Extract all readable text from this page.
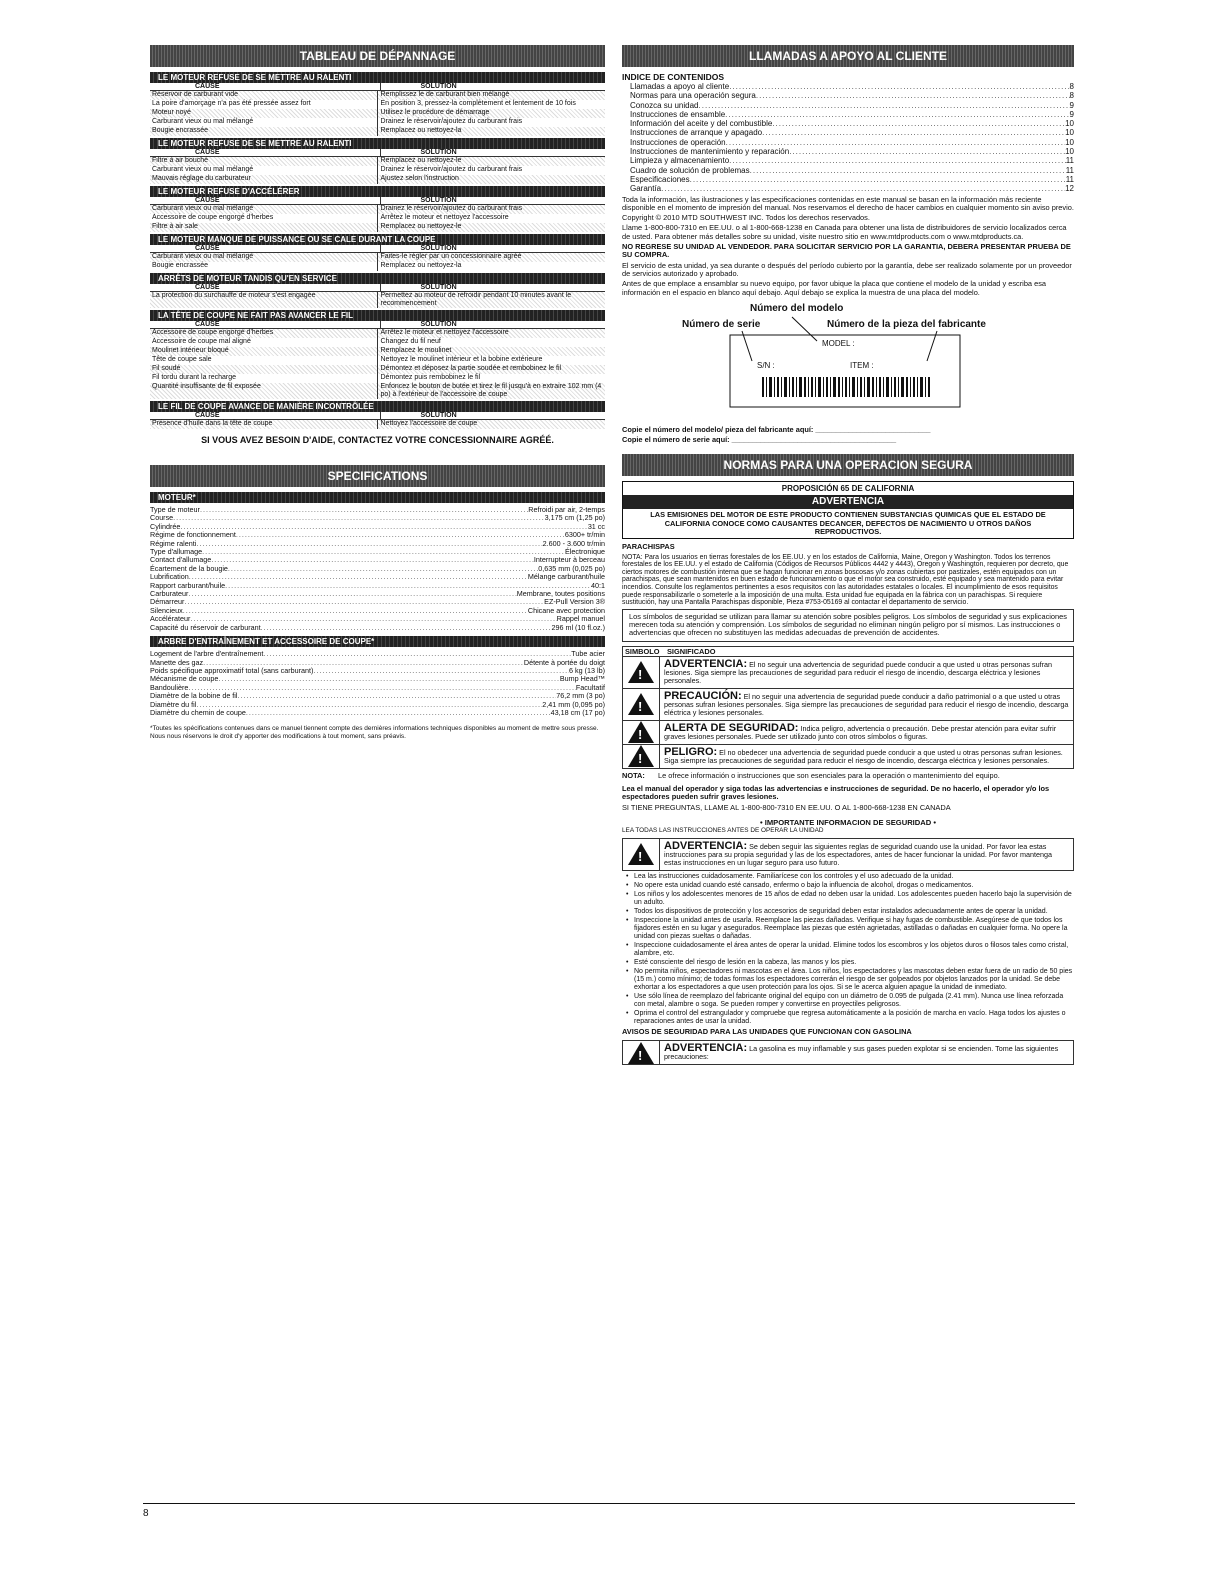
TABLEAU DE DÉPANNAGE
LE MOTEUR REFUSE DE SE METTRE AU RALENTI
CAUSE	SOLUTION
Réservoir de carburant vide	Remplissez le de carburant bien mélangé
La poire d'amorçage n'a pas été pressée assez fort	En position 3, pressez-la complètement et lentement de 10 fois
Moteur noyé	Utilisez le procédure de démarrage
Carburant vieux ou mal mélangé	Drainez le réservoir/ajoutez du carburant frais
Bougie encrassée	Remplacez ou nettoyez-la
LE MOTEUR REFUSE DE SE METTRE AU RALENTI
CAUSE	SOLUTION
Filtre à air bouché	Remplacez ou nettoyez-le
Carburant vieux ou mal mélangé	Drainez le réservoir/ajoutez du carburant frais
Mauvais réglage du carburateur	Ajustez selon l'instruction
LE MOTEUR REFUSE D'ACCÉLÉRER
CAUSE	SOLUTION
Carburant vieux ou mal mélangé	Drainez le réservoir/ajoutez du carburant frais
Accessoire de coupe engorgé d'herbes	Arrêtez le moteur et nettoyez l'accessoire
Filtre à air sale	Remplacez ou nettoyez-le
LE MOTEUR MANQUE DE PUISSANCE OU SE CALE DURANT LA COUPE
CAUSE	SOLUTION
Carburant vieux ou mal mélangé	Faites-le régler par un concessionnaire agréé
Bougie encrassée	Remplacez ou nettoyez-la
ARRÊTS DE MOTEUR TANDIS QU'EN SERVICE
CAUSE	SOLUTION
La protection du surchauffe de moteur s'est engagée	Permettez au moteur de refroidir pendant 10 minutes avant le recommencement
LA TÊTE DE COUPE NE FAIT PAS AVANCER LE FIL
CAUSE	SOLUTION
Accessoire de coupe engorgé d'herbes	Arrêtez le moteur et nettoyez l'accessoire
Accessoire de coupe mal aligné	Changez du fil neuf
Moulinet intérieur bloqué	Remplacez le moulinet
Tête de coupe sale	Nettoyez le moulinet intérieur et la bobine extérieure
Fil soudé	Démontez et déposez la partie soudée et rembobinez le fil
Fil tordu durant la recharge	Démontez puis rembobinez le fil
Quantité insuffisante de fil exposée	Enfoncez le bouton de butée et tirez le fil jusqu'à en extraire 102 mm (4 po) à l'extérieur de l'accessoire de coupe
LE FIL DE COUPE AVANCE DE MANIÈRE INCONTRÔLÉE
CAUSE	SOLUTION
Présence d'huile dans la tête de coupe	Nettoyez l'accessoire de coupe
SI VOUS AVEZ BESOIN D'AIDE, CONTACTEZ VOTRE CONCESSIONNAIRE AGRÉÉ.
SPECIFICATIONS
MOTEUR*
Type de moteur .....	Refroidi par air, 2-temps
Course .....	3,175 cm (1,25 po)
Cylindrée .....	31 cc
Régime de fonctionnement .....	6300+ tr/min
Régime ralenti .....	2.600 - 3.600 tr/min
Type d'allumage .....	Électronique
Contact d'allumage .....	Interrupteur à berceau
Écartement de la bougie .....	0,635 mm (0,025 po)
Lubrification .....	Mélange carburant/huile
Rapport carburant/huile .....	40:1
Carburateur .....	Membrane, toutes positions
Démarreur .....	EZ-Pull Version 3®
Silencieux .....	Chicane avec protection
Accélérateur .....	Rappel manuel
Capacité du réservoir de carburant .....	296 ml (10 fl.oz.)
ARBRE D'ENTRAÎNEMENT ET ACCESSOIRE DE COUPE*
Logement de l'arbre d'entraînement .....	Tube acier
Manette des gaz .....	Détente à portée du doigt
Poids spécifique approximatif total (sans carburant) .....	6 kg (13 lb)
Mécanisme de coupe .....	Bump Head™
Bandoulière .....	Facultatif
Diamètre de la bobine de fil .....	76,2 mm (3 po)
Diamètre du fil .....	2,41 mm (0,095 po)
Diamètre du chemin de coupe .....	43,18 cm (17 po)
*Toutes les spécifications contenues dans ce manuel tiennent compte des dernières informations techniques disponibles au moment de mettre sous presse. Nous nous réservons le droit d'y apporter des modifications à tout moment, sans préavis.
LLAMADAS A APOYO AL CLIENTE
INDICE DE CONTENIDOS
Llamadas a apoyo al cliente .....	8
Normas para una operación segura .....	8
Conozca su unidad .....	9
Instrucciones de ensamble .....	9
Información del aceite y del combustible .....	10
Instrucciones de arranque y apagado .....	10
Instrucciones de operación .....	10
Instrucciones de mantenimiento y reparación .....	10
Limpieza y almacenamiento .....	11
Cuadro de solución de problemas .....	11
Especificaciones .....	11
Garantía .....	12
Toda la información, las ilustraciones y las especificaciones contenidas en este manual se basan en la información más reciente disponible en el momento de impresión del manual. Nos reservamos el derecho de hacer cambios en cualquier momento sin aviso previo.
Copyright © 2010 MTD SOUTHWEST INC. Todos los derechos reservados.
Llame 1-800-800-7310 en EE.UU. o al 1-800-668-1238 en Canada para obtener una lista de distribuidores de servicio localizados cerca de usted. Para obtener más detalles sobre su unidad, visite nuestro sitio en www.mtdproducts.com o www.mtdproducts.ca.
NO REGRESE SU UNIDAD AL VENDEDOR. PARA SOLICITAR SERVICIO POR LA GARANTIA, DEBERA PRESENTAR PRUEBA DE SU COMPRA.
El servicio de esta unidad, ya sea durante o después del período cubierto por la garantía, debe ser realizado solamente por un proveedor de servicios autorizado y aprobado.
Antes de que emplace a ensamblar su nuevo equipo, por favor ubique la placa que contiene el modelo de la unidad y escriba esa información en el espacio en blanco aquí debajo. Aquí debajo se explica la muestra de una placa del modelo.
Número del modelo
Número de serie	Número de la pieza del fabricante
MODEL :
S/N :	ITEM :
Copie el número del modelo/ pieza del fabricante aquí: ____________________________
Copie el número de serie aquí: ________________________________________
NORMAS PARA UNA OPERACION SEGURA
PROPOSICIÓN 65 DE CALIFORNIA
ADVERTENCIA
LAS EMISIONES DEL MOTOR DE ESTE PRODUCTO CONTIENEN SUBSTANCIAS QUIMICAS QUE EL ESTADO DE CALIFORNIA CONOCE COMO CAUSANTES DECANCER, DEFECTOS DE NACIMIENTO U OTROS DAÑOS REPRODUCTIVOS.
PARACHISPAS
NOTA: Para los usuarios en tierras forestales de los EE.UU. y en los estados de California, Maine, Oregon y Washington. Todos los terrenos forestales de los EE.UU. y el estado de California (Códigos de Recursos Públicos 4442 y 4443), Oregon y Washington, requieren por decreto, que ciertos motores de combustión interna que se hagan funcionar en zonas boscosas y/o zonas cubiertas por pastizales, estén equipados con un parachispas, que sean mantenidos en buen estado de funcionamiento o que el motor sea construido, esté equipado y sea mantenido para evitar incendios. Consulte los reglamentos pertinentes a esos requisitos con las autoridades estatales o locales. El incumplimiento de esos requisitos puede responsabilizarle o someterle a la imposición de una multa. Esta unidad fue equipada en la fábrica con un parachispas. Si requiere sustitución, hay una Pantalla Parachispas disponible, Pieza #753-05169 al contactar el departamento de servicio.
Los símbolos de seguridad se utilizan para llamar su atención sobre posibles peligros. Los símbolos de seguridad y sus explicaciones merecen toda su atención y comprensión. Los símbolos de seguridad no eliminan ningún peligro por sí mismos. Las instrucciones o advertencias que ofrecen no substituyen las medidas adecuadas de prevención de accidentes.
SIMBOLO	SIGNIFICADO
!
ADVERTENCIA: El no seguir una advertencia de seguridad puede conducir a que usted u otras personas sufran lesiones. Siga siempre las precauciones de seguridad para reducir el riesgo de incendio, descarga eléctrica y lesiones personales.
!
PRECAUCIÓN: El no seguir una advertencia de seguridad puede conducir a daño patrimonial o a que usted u otras personas sufran lesiones personales. Siga siempre las precauciones de seguridad para reducir el riesgo de incendio, descarga eléctrica y lesiones personales.
!
ALERTA DE SEGURIDAD: Indica peligro, advertencia o precaución. Debe prestar atención para evitar sufrir graves lesiones personales. Puede ser utilizado junto con otros símbolos o figuras.
!
PELIGRO: El no obedecer una advertencia de seguridad puede conducir a que usted u otras personas sufran lesiones. Siga siempre las precauciones de seguridad para reducir el riesgo de incendio, descarga eléctrica y lesiones personales.
NOTA:	Le ofrece información o instrucciones que son esenciales para la operación o mantenimiento del equipo.
Lea el manual del operador y siga todas las advertencias e instrucciones de seguridad. De no hacerlo, el operador y/o los espectadores pueden sufrir graves lesiones.
SI TIENE PREGUNTAS, LLAME AL 1-800-800-7310 EN EE.UU. O AL 1-800-668-1238 EN CANADA
• IMPORTANTE INFORMACION DE SEGURIDAD •
LEA TODAS LAS INSTRUCCIONES ANTES DE OPERAR LA UNIDAD
!
ADVERTENCIA: Se deben seguir las siguientes reglas de seguridad cuando use la unidad. Por favor lea estas instrucciones para su propia seguridad y las de los espectadores, antes de hacer funcionar la unidad. Por favor mantenga estas instrucciones en un lugar seguro para uso futuro.
• Lea las instrucciones cuidadosamente. Familiarícese con los controles y el uso adecuado de la unidad.
• No opere esta unidad cuando esté cansado, enfermo o bajo la influencia de alcohol, drogas o medicamentos.
• Los niños y los adolescentes menores de 15 años de edad no deben usar la unidad. Los adolescentes pueden hacerlo bajo la supervisión de un adulto.
• Todos los dispositivos de protección y los accesorios de seguridad deben estar instalados adecuadamente antes de operar la unidad.
• Inspeccione la unidad antes de usarla. Reemplace las piezas dañadas. Verifique si hay fugas de combustible. Asegúrese de que todos los fijadores estén en su lugar y asegurados. Reemplace las piezas que estén agrietadas, astilladas o dañadas en cualquier forma. No opere la unidad con piezas sueltas o dañadas.
• Inspeccione cuidadosamente el área antes de operar la unidad. Elimine todos los escombros y los objetos duros o filosos tales como cristal, alambre, etc.
• Esté consciente del riesgo de lesión en la cabeza, las manos y los pies.
• No permita niños, espectadores ni mascotas en el área. Los niños, los espectadores y las mascotas deben estar fuera de un radio de 50 pies (15 m.) como mínimo; de todas formas los espectadores correrán el riesgo de ser golpeados por objetos lanzados por la unidad. Se debe exhortar a los espectadores a que usen protección para los ojos. Si se le acerca alguien apague la unidad de inmediato.
• Use sólo línea de reemplazo del fabricante original del equipo con un diámetro de 0.095 de pulgada (2.41 mm). Nunca use línea reforzada con metal, alambre o soga. Se pueden romper y convertirse en proyectiles peligrosos.
• Oprima el control del estrangulador y compruebe que regresa automáticamente a la posición de marcha en vacío. Haga todos los ajustes o reparaciones antes de usar la unidad.
AVISOS DE SEGURIDAD PARA LAS UNIDADES QUE FUNCIONAN CON GASOLINA
!
ADVERTENCIA: La gasolina es muy inflamable y sus gases pueden explotar si se encienden. Tome las siguientes precauciones:
8
